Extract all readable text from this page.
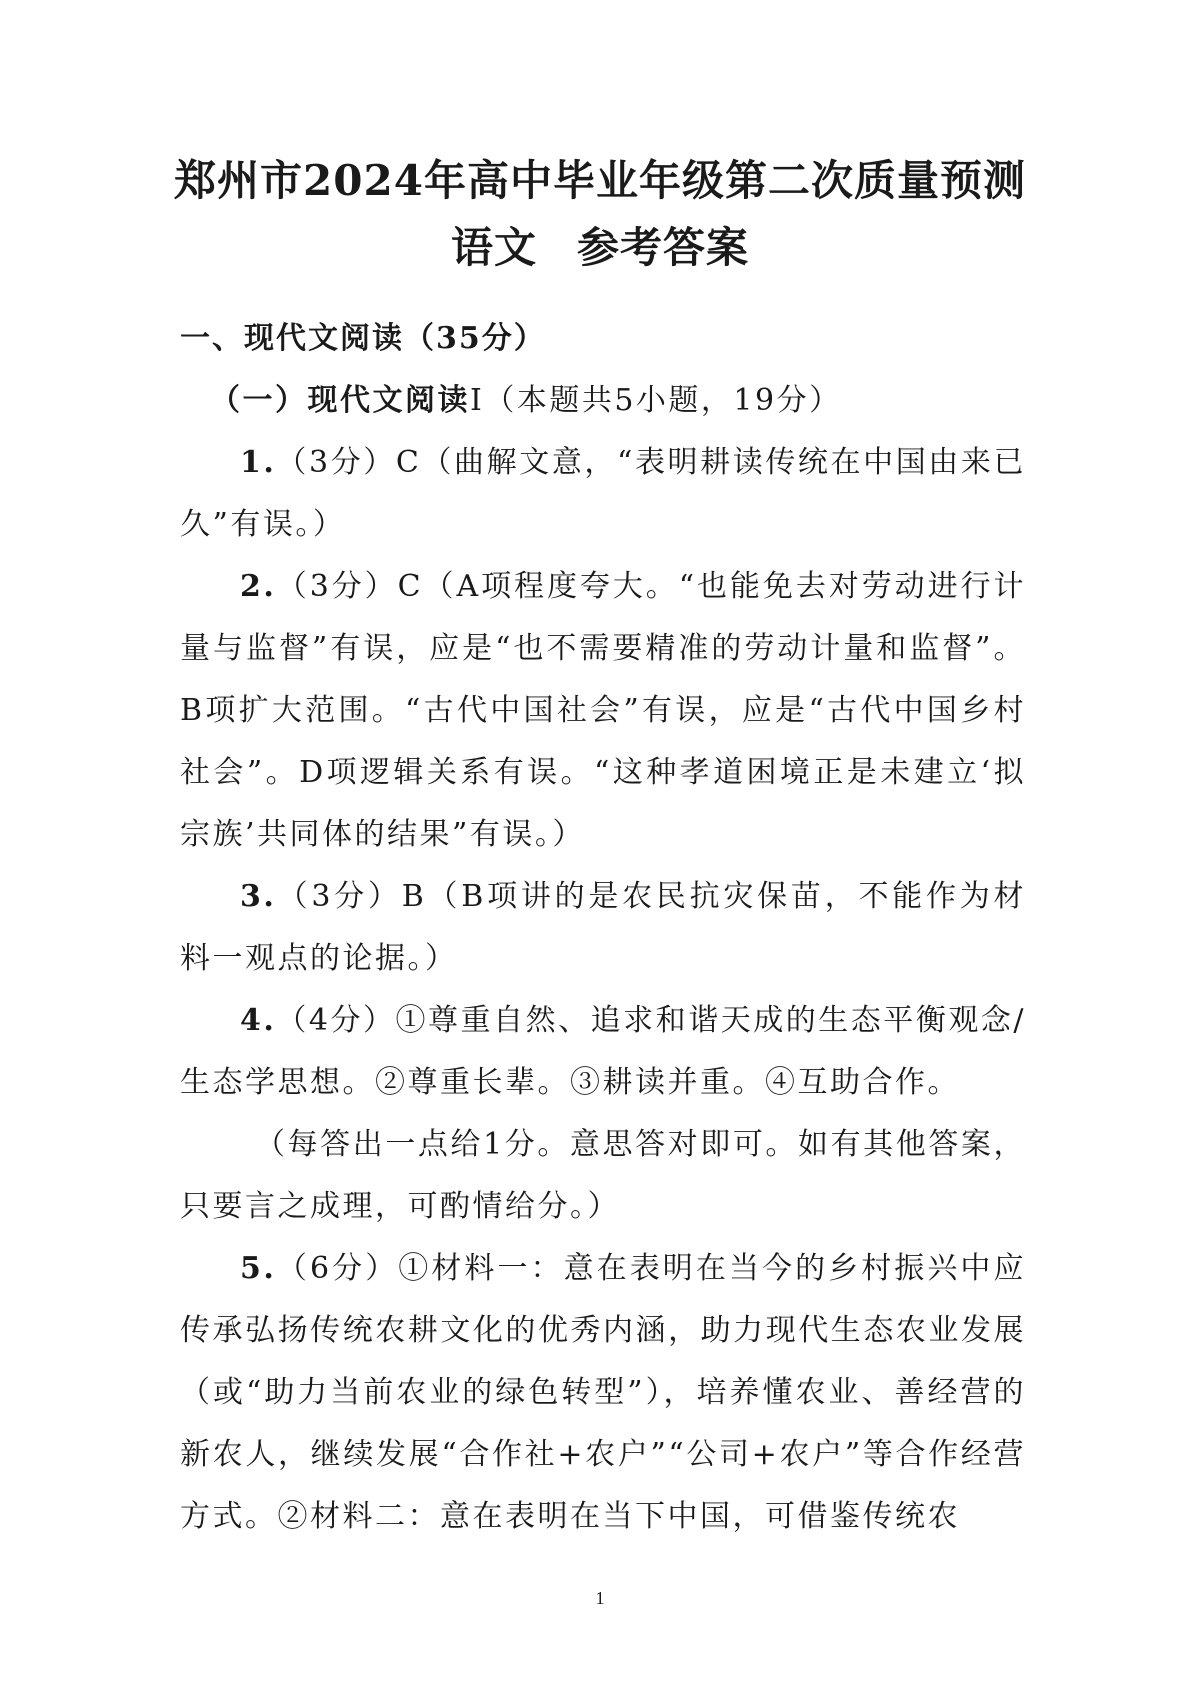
郑州市2024年高中毕业年级第二次质量预测
语文 参考答案

一、现代文阅读（35分）

（一）现代文阅读Ⅰ（本题共5小题，19分）

1.（3分）C（曲解文意，“表明耕读传统在中国由来已久”有误。）

2.（3分）C（A项程度夸大。“也能免去对劳动进行计量与监督”有误，应是“也不需要精准的劳动计量和监督”。B项扩大范围。“古代中国社会”有误，应是“古代中国乡村社会”。D项逻辑关系有误。“这种孝道困境正是未建立‘拟宗族’共同体的结果”有误。）

3.（3分）B（B项讲的是农民抗灾保苗，不能作为材料一观点的论据。）

4.（4分）①尊重自然、追求和谐天成的生态平衡观念/生态学思想。②尊重长辈。③耕读并重。④互助合作。

（每答出一点给1分。意思答对即可。如有其他答案，只要言之成理，可酌情给分。）

5.（6分）①材料一：意在表明在当今的乡村振兴中应传承弘扬传统农耕文化的优秀内涵，助力现代生态农业发展（或“助力当前农业的绿色转型”），培养懂农业、善经营的新农人，继续发展“合作社+农户”“公司+农户”等合作经营方式。②材料二：意在表明在当下中国，可借鉴传统农

1
